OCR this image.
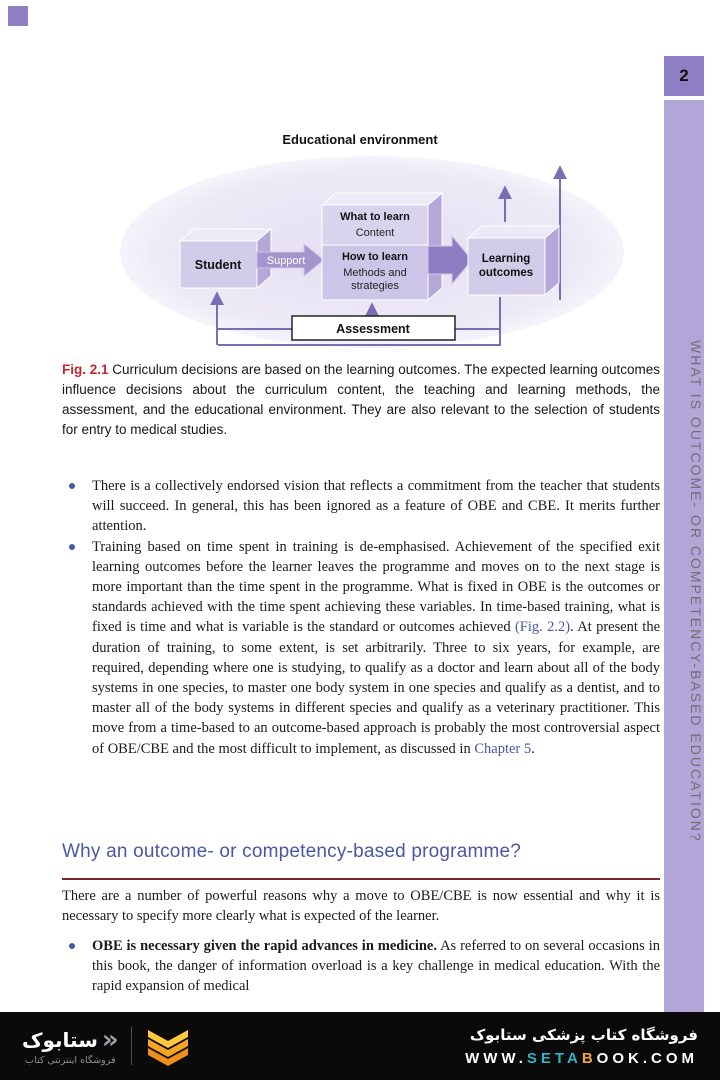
2
WHAT IS OUTCOME- OR COMPETENCY-BASED EDUCATION?
Educational environment
Student Support
What to learn
Content
How to learn
Methods and
strategies
Learning
outcomes
Assessment
Fig. 2.1 Curriculum decisions are based on the learning outcomes. The expected learning outcomes influence decisions about the curriculum content, the teaching and learning methods, the assessment, and the educational environment. They are also relevant to the selection of students for entry to medical studies.
There is a collectively endorsed vision that reflects a commitment from the teacher that students will succeed. In general, this has been ignored as a feature of OBE and CBE. It merits further attention.
Training based on time spent in training is de-emphasised. Achievement of the specified exit learning outcomes before the learner leaves the programme and moves on to the next stage is more important than the time spent in the programme. What is fixed in OBE is the outcomes or standards achieved with the time spent achieving these variables. In time-based training, what is fixed is time and what is variable is the standard or outcomes achieved (Fig. 2.2). At present the duration of training, to some extent, is set arbitrarily. Three to six years, for example, are required, depending where one is studying, to qualify as a doctor and learn about all of the body systems in one species, to master one body system in one species and qualify as a dentist, and to master all of the body systems in different species and qualify as a veterinary practitioner. This move from a time-based to an outcome-based approach is probably the most controversial aspect of OBE/CBE and the most difficult to implement, as discussed in Chapter 5.
Why an outcome- or competency-based programme?
There are a number of powerful reasons why a move to OBE/CBE is now essential and why it is necessary to specify more clearly what is expected of the learner.
OBE is necessary given the rapid advances in medicine. As referred to on several occasions in this book, the danger of information overload is a key challenge in medical education. With the rapid expansion of medical
«
ستابوک
فروشگاه اینترنتی کتاب
فروشگاه کتاب پزشکی ستابوک
WWW.SETABOOK.COM
